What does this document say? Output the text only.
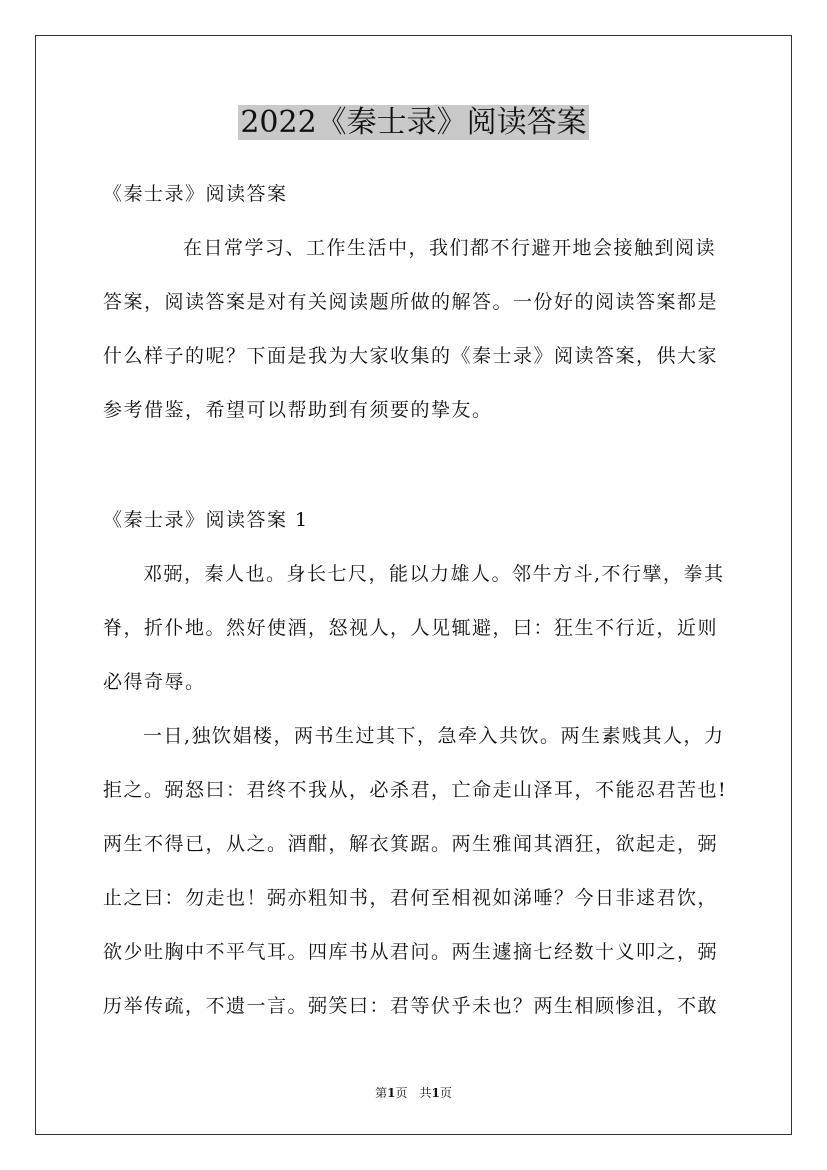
2022《秦士录》阅读答案

《秦士录》阅读答案

在日常学习、工作生活中，我们都不行避开地会接触到阅读

答案，阅读答案是对有关阅读题所做的解答。一份好的阅读答案都是

什么样子的呢？下面是我为大家收集的《秦士录》阅读答案，供大家

参考借鉴，希望可以帮助到有须要的挚友。

《秦士录》阅读答案 1

邓弼，秦人也。身长七尺，能以力雄人。邻牛方斗,不行擘，拳其

脊，折仆地。然好使酒，怒视人，人见辄避，曰：狂生不行近，近则

必得奇辱。

一日,独饮娼楼，两书生过其下，急牵入共饮。两生素贱其人，力

拒之。弼怒曰：君终不我从，必杀君，亡命走山泽耳，不能忍君苦也!

两生不得已，从之。酒酣，解衣箕踞。两生雅闻其酒狂，欲起走，弼

止之曰：勿走也！弼亦粗知书，君何至相视如涕唾？今日非逑君饮，

欲少吐胸中不平气耳。四库书从君问。两生遽摘七经数十义叩之，弼

历举传疏，不遗一言。弼笑曰：君等伏乎未也？两生相顾惨沮，不敢

第1页　共1页
